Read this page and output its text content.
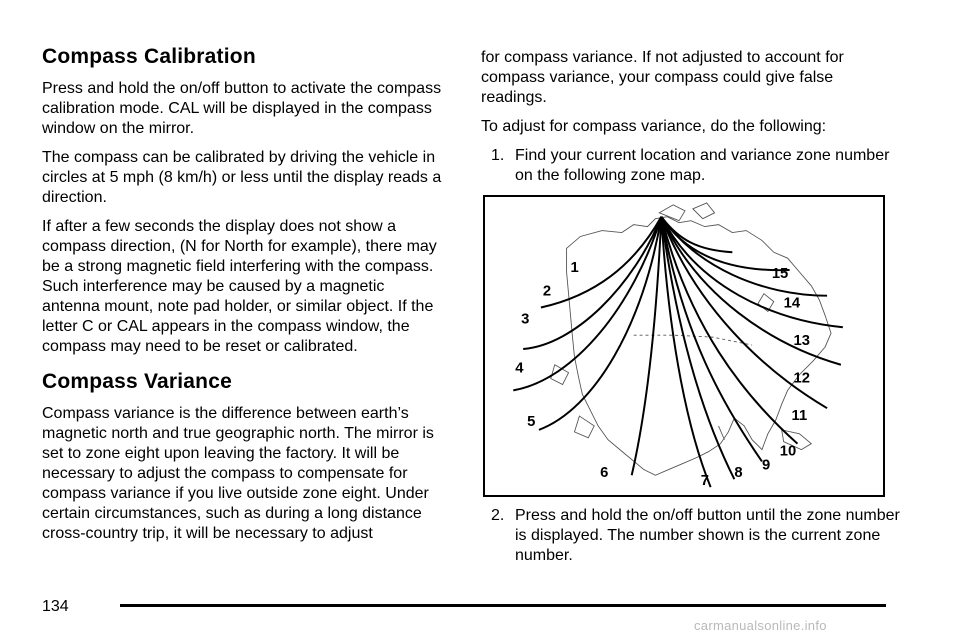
Compass Calibration

Press and hold the on/off button to activate the compass calibration mode. CAL will be displayed in the compass window on the mirror.

The compass can be calibrated by driving the vehicle in circles at 5 mph (8 km/h) or less until the display reads a direction.

If after a few seconds the display does not show a compass direction, (N for North for example), there may be a strong magnetic field interfering with the compass. Such interference may be caused by a magnetic antenna mount, note pad holder, or similar object. If the letter C or CAL appears in the compass window, the compass may need to be reset or calibrated.

Compass Variance

Compass variance is the difference between earth’s magnetic north and true geographic north. The mirror is set to zone eight upon leaving the factory. It will be necessary to adjust the compass to compensate for compass variance if you live outside zone eight. Under certain circumstances, such as during a long distance cross-country trip, it will be necessary to adjust

for compass variance. If not adjusted to account for compass variance, your compass could give false readings.

To adjust for compass variance, do the following:

1. Find your current location and variance zone number on the following zone map.
1
2
3
4
5
6	7 8 9
10
11
12
13
14
15
2. Press and hold the on/off button until the zone number is displayed. The number shown is the current zone number.
134
carmanualsonline.info
